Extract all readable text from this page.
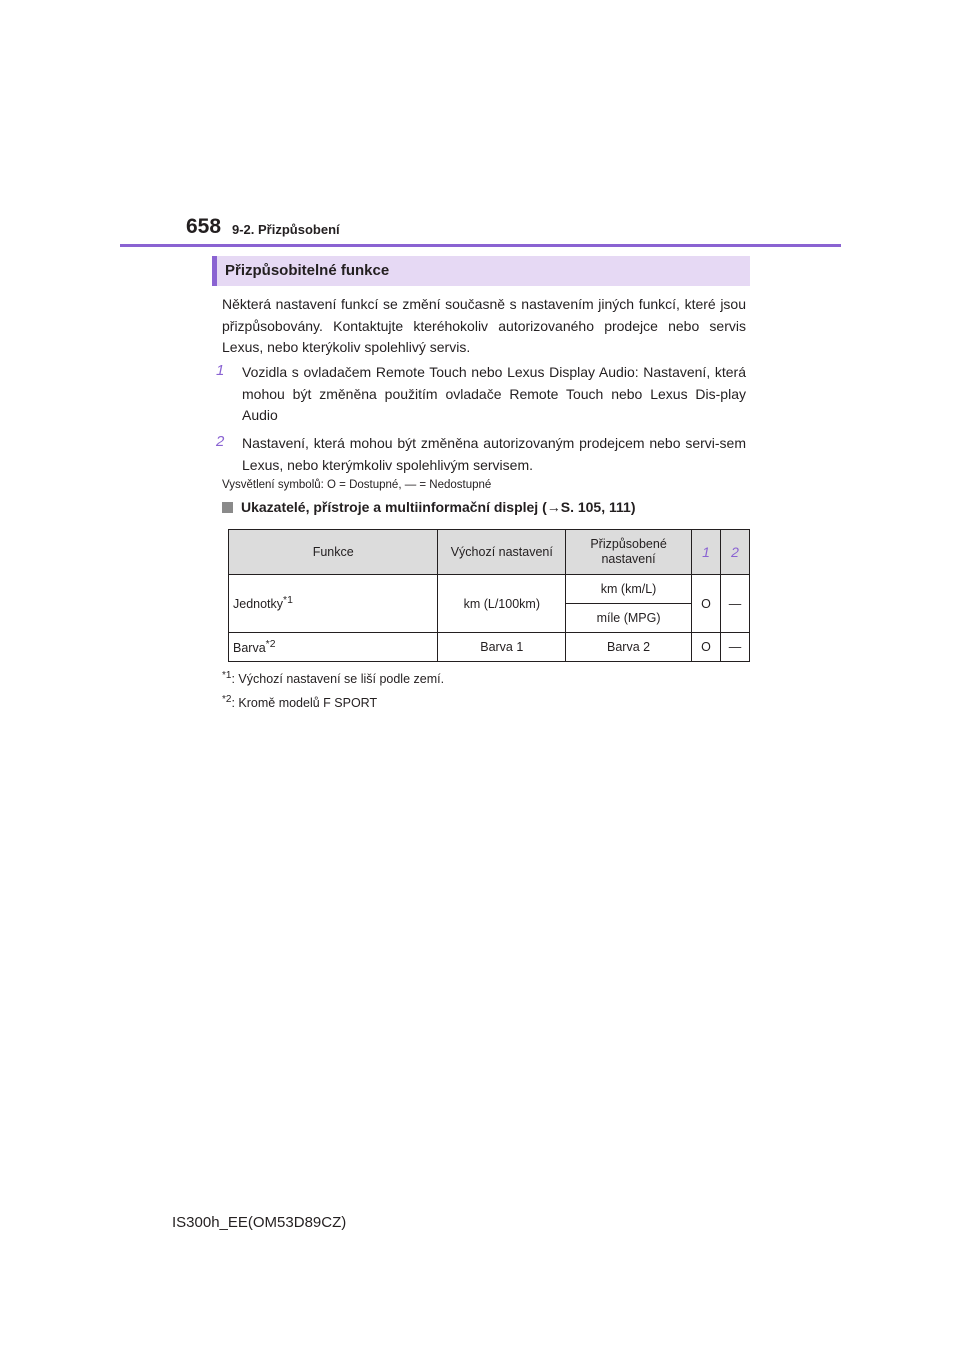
658 9-2. Přizpůsobení
Přizpůsobitelné funkce
Některá nastavení funkcí se změní současně s nastavením jiných funkcí, které jsou přizpůsobovány. Kontaktujte kteréhokoliv autorizovaného prodejce nebo servis Lexus, nebo kterýkoliv spolehlivý servis.
1 Vozidla s ovladačem Remote Touch nebo Lexus Display Audio: Nastavení, která mohou být změněna použitím ovladače Remote Touch nebo Lexus Dis-play Audio
2 Nastavení, která mohou být změněna autorizovaným prodejcem nebo servi-sem Lexus, nebo kterýmkoliv spolehlivým servisem.
Vysvětlení symbolů: O = Dostupné, — = Nedostupné
Ukazatelé, přístroje a multiinformační displej (→S. 105, 111)
Funkce	Výchozí nastavení	Přizpůsobené nastavení	1	2
Jednotky$^{*1}$	km (L/100km)	km (km/L)	O	—
		míle (MPG)		
Barva$^{*2}$	Barva 1	Barva 2	O	—
$^{*1}$: Výchozí nastavení se liší podle zemí.
$^{*2}$: Kromě modelů F SPORT
IS300h_EE(OM53D89CZ)
